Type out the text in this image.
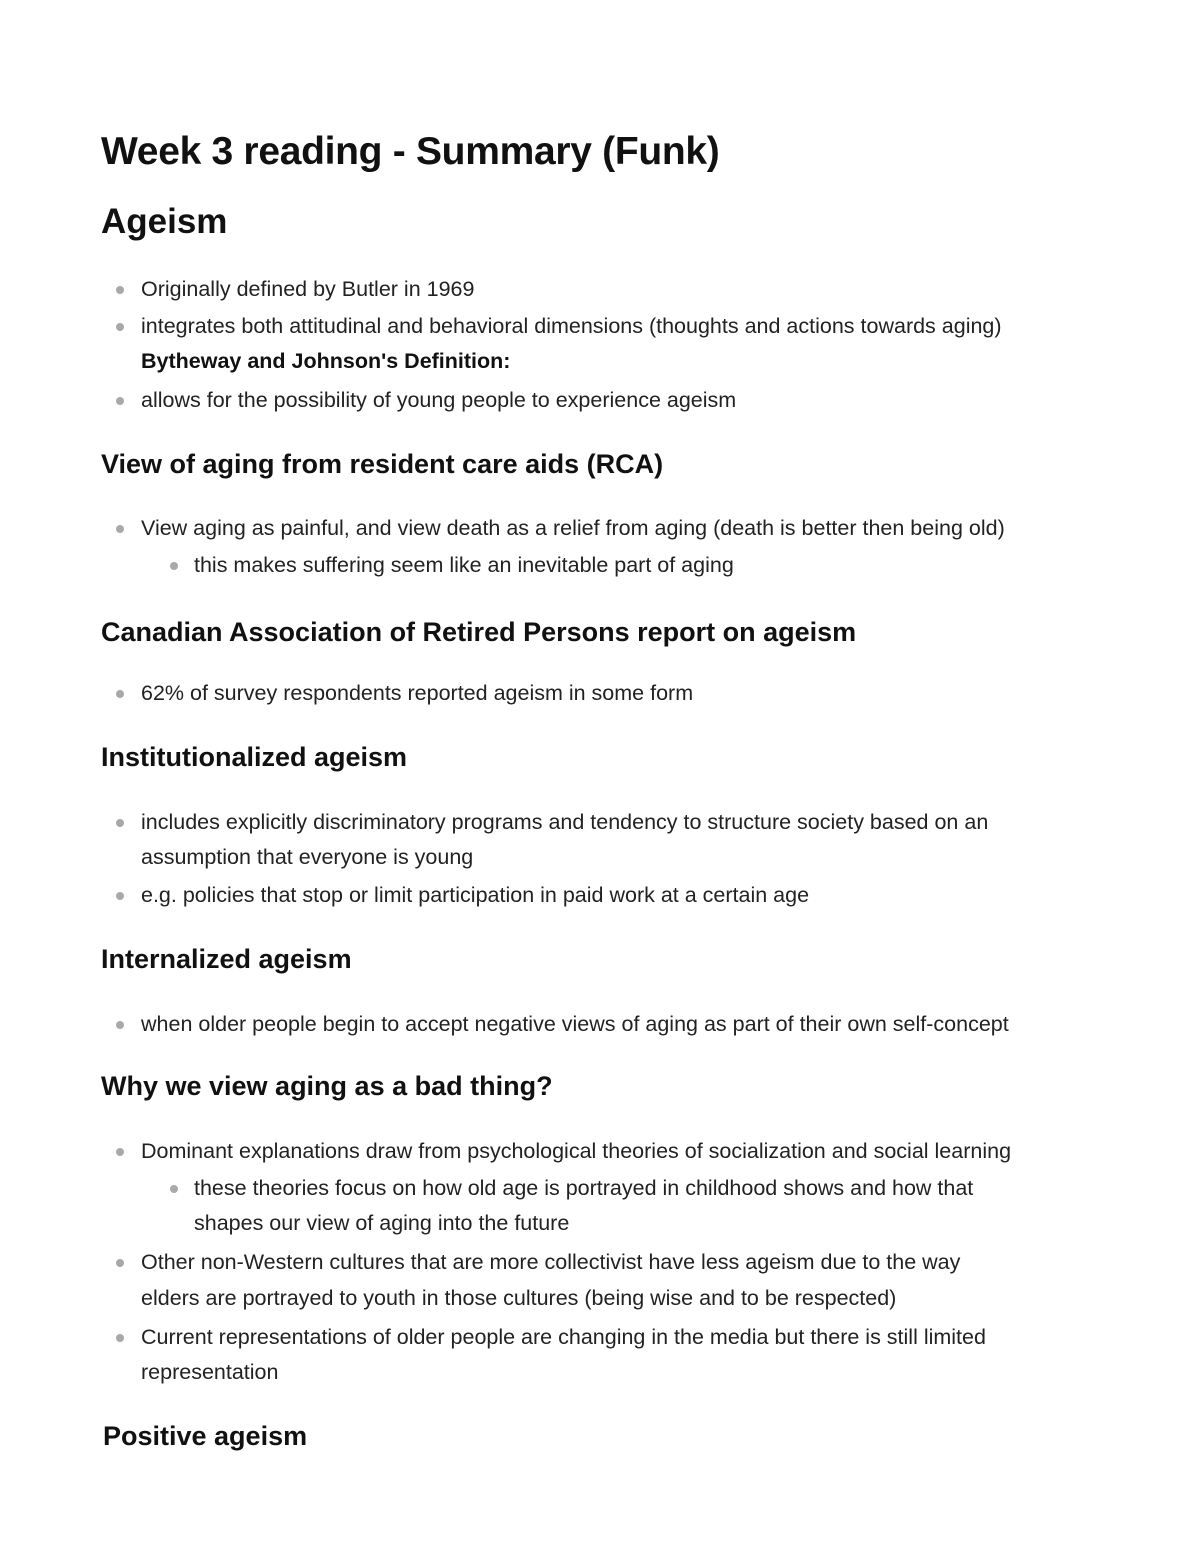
Week 3 reading - Summary (Funk)
Ageism
Originally defined by Butler in 1969
integrates both attitudinal and behavioral dimensions (thoughts and actions towards aging)
Bytheway and Johnson's Definition:
allows for the possibility of young people to experience ageism
View of aging from resident care aids (RCA)
View aging as painful, and view death as a relief from aging (death is better then being old)
this makes suffering seem like an inevitable part of aging
Canadian Association of Retired Persons report on ageism
62% of survey respondents reported ageism in some form
Institutionalized ageism
includes explicitly discriminatory programs and tendency to structure society based on an
assumption that everyone is young
e.g. policies that stop or limit participation in paid work at a certain age
Internalized ageism
when older people begin to accept negative views of aging as part of their own self-concept
Why we view aging as a bad thing?
Dominant explanations draw from psychological theories of socialization and social learning
these theories focus on how old age is portrayed in childhood shows and how that
shapes our view of aging into the future
Other non-Western cultures that are more collectivist have less ageism due to the way
elders are portrayed to youth in those cultures (being wise and to be respected)
Current representations of older people are changing in the media but there is still limited
representation
Positive ageism
